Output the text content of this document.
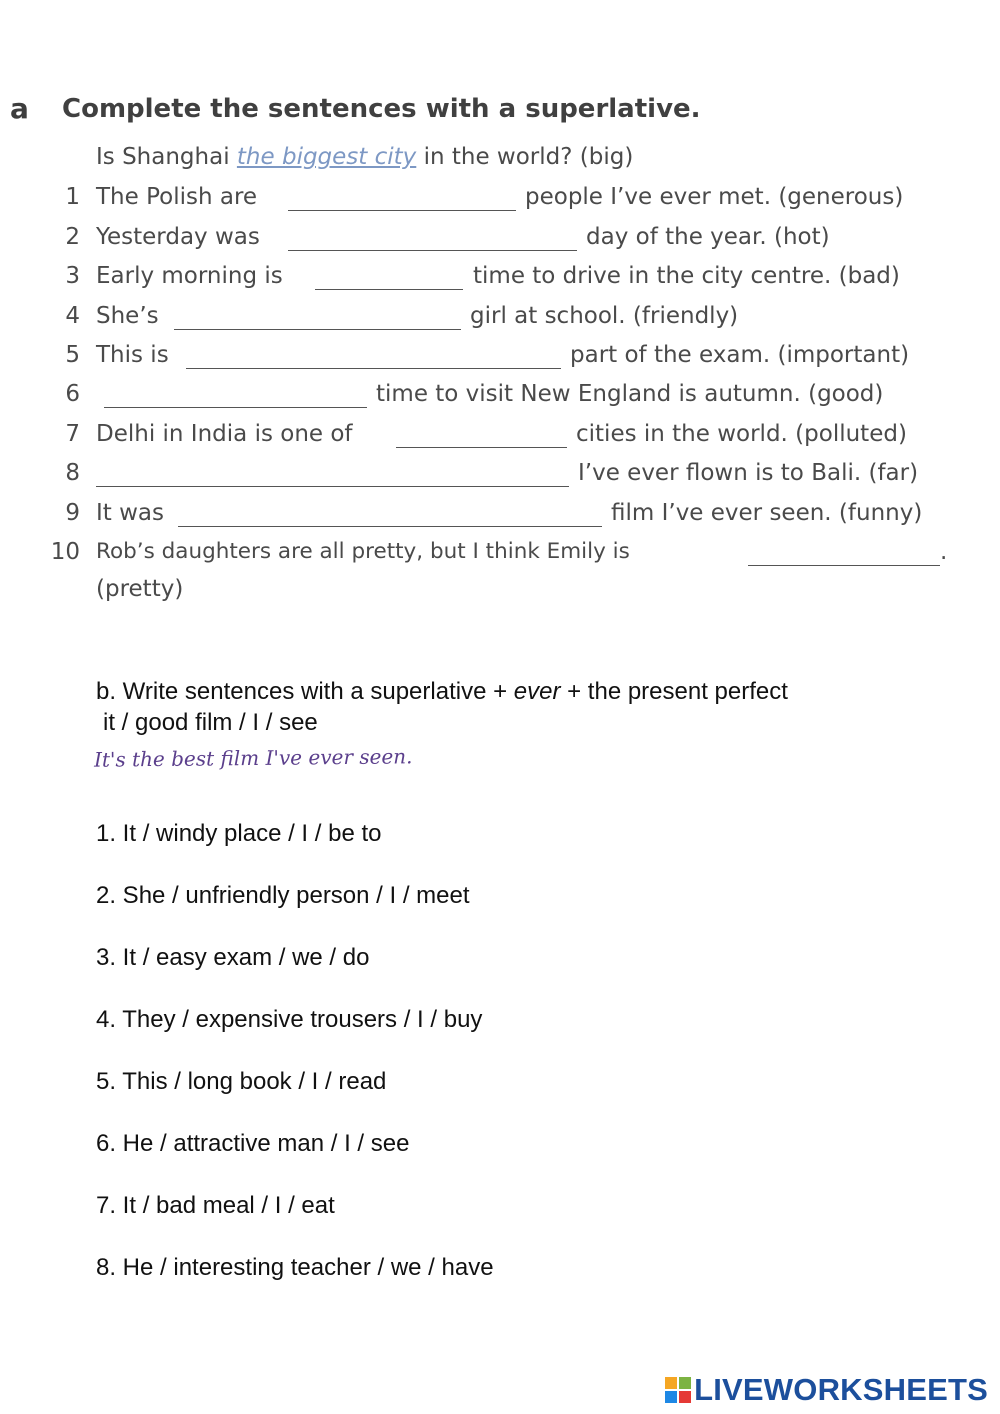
a Complete the sentences with a superlative.
Is Shanghai the biggest city in the world? (big)
1 The Polish are	people I’ve ever met. (generous)
2 Yesterday was	day of the year. (hot)
3 Early morning is	time to drive in the city centre. (bad)
4 She’s	girl at school. (friendly)
5 This is	part of the exam. (important)
6	time to visit New England is autumn. (good)
7 Delhi in India is one of	cities in the world. (polluted)
8	I’ve ever flown is to Bali. (far)
9 It was	film I’ve ever seen. (funny)
10 Rob’s daughters are all pretty, but I think Emily is	.
(pretty)
b. Write sentences with a superlative + ever + the present perfect
it / good film / I / see
It's the best film I've ever seen.
1. It / windy place / I / be to
2. She / unfriendly person / I / meet
3. It / easy exam / we / do
4. They / expensive trousers / I / buy
5. This / long book / I / read
6. He / attractive man / I / see
7. It / bad meal / I / eat
8. He / interesting teacher / we / have
LIVEWORKSHEETS
